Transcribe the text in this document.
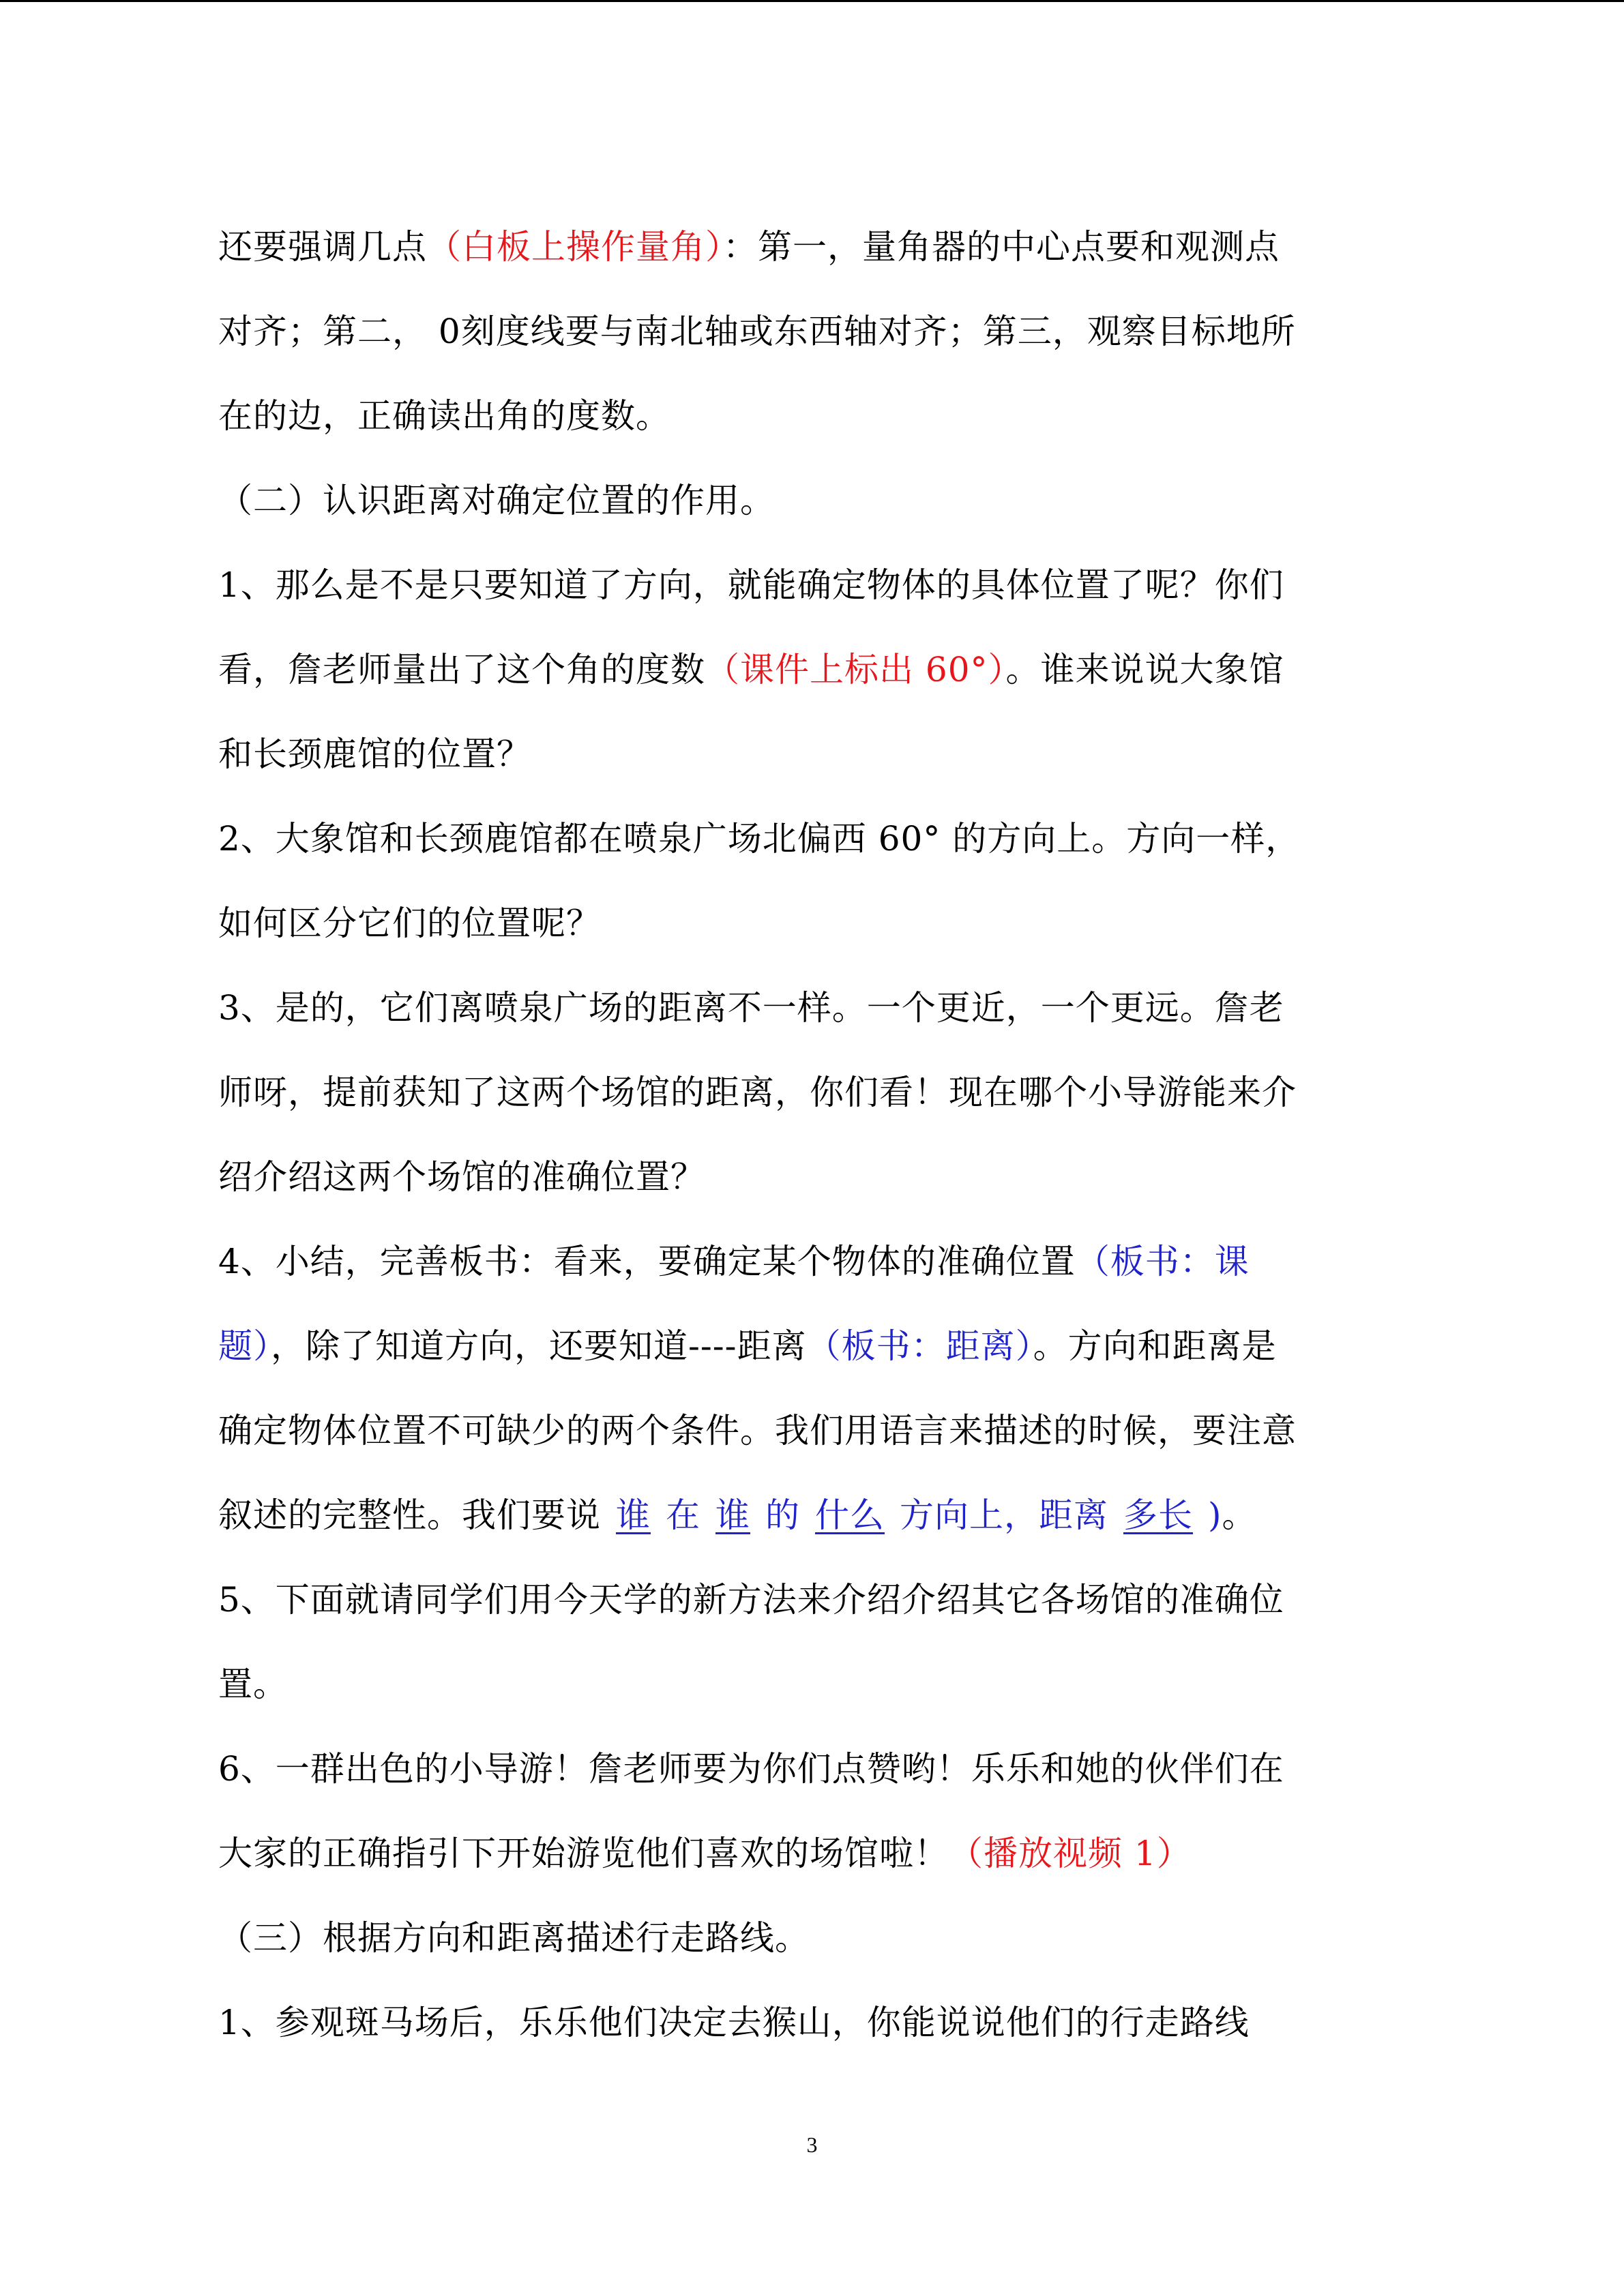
还要强调几点（白板上操作量角）：第一，量角器的中心点要和观测点
对齐；第二， 0刻度线要与南北轴或东西轴对齐；第三，观察目标地所
在的边，正确读出角的度数。
（二）认识距离对确定位置的作用。
1、那么是不是只要知道了方向，就能确定物体的具体位置了呢？你们
看，詹老师量出了这个角的度数（课件上标出 60°）。谁来说说大象馆
和长颈鹿馆的位置？
2、大象馆和长颈鹿馆都在喷泉广场北偏西 60° 的方向上。方向一样，
如何区分它们的位置呢？
3、是的，它们离喷泉广场的距离不一样。一个更近，一个更远。詹老
师呀，提前获知了这两个场馆的距离，你们看！现在哪个小导游能来介
绍介绍这两个场馆的准确位置？
4、小结，完善板书：看来，要确定某个物体的准确位置（板书：课
题），除了知道方向，还要知道----距离（板书：距离）。方向和距离是
确定物体位置不可缺少的两个条件。我们用语言来描述的时候，要注意
叙述的完整性。我们要说 谁 在 谁 的 什么 方向上，距离 多长 )。
5、下面就请同学们用今天学的新方法来介绍介绍其它各场馆的准确位
置。
6、一群出色的小导游！詹老师要为你们点赞哟！乐乐和她的伙伴们在
大家的正确指引下开始游览他们喜欢的场馆啦！（播放视频 1）
（三）根据方向和距离描述行走路线。
1、参观斑马场后，乐乐他们决定去猴山，你能说说他们的行走路线
3
